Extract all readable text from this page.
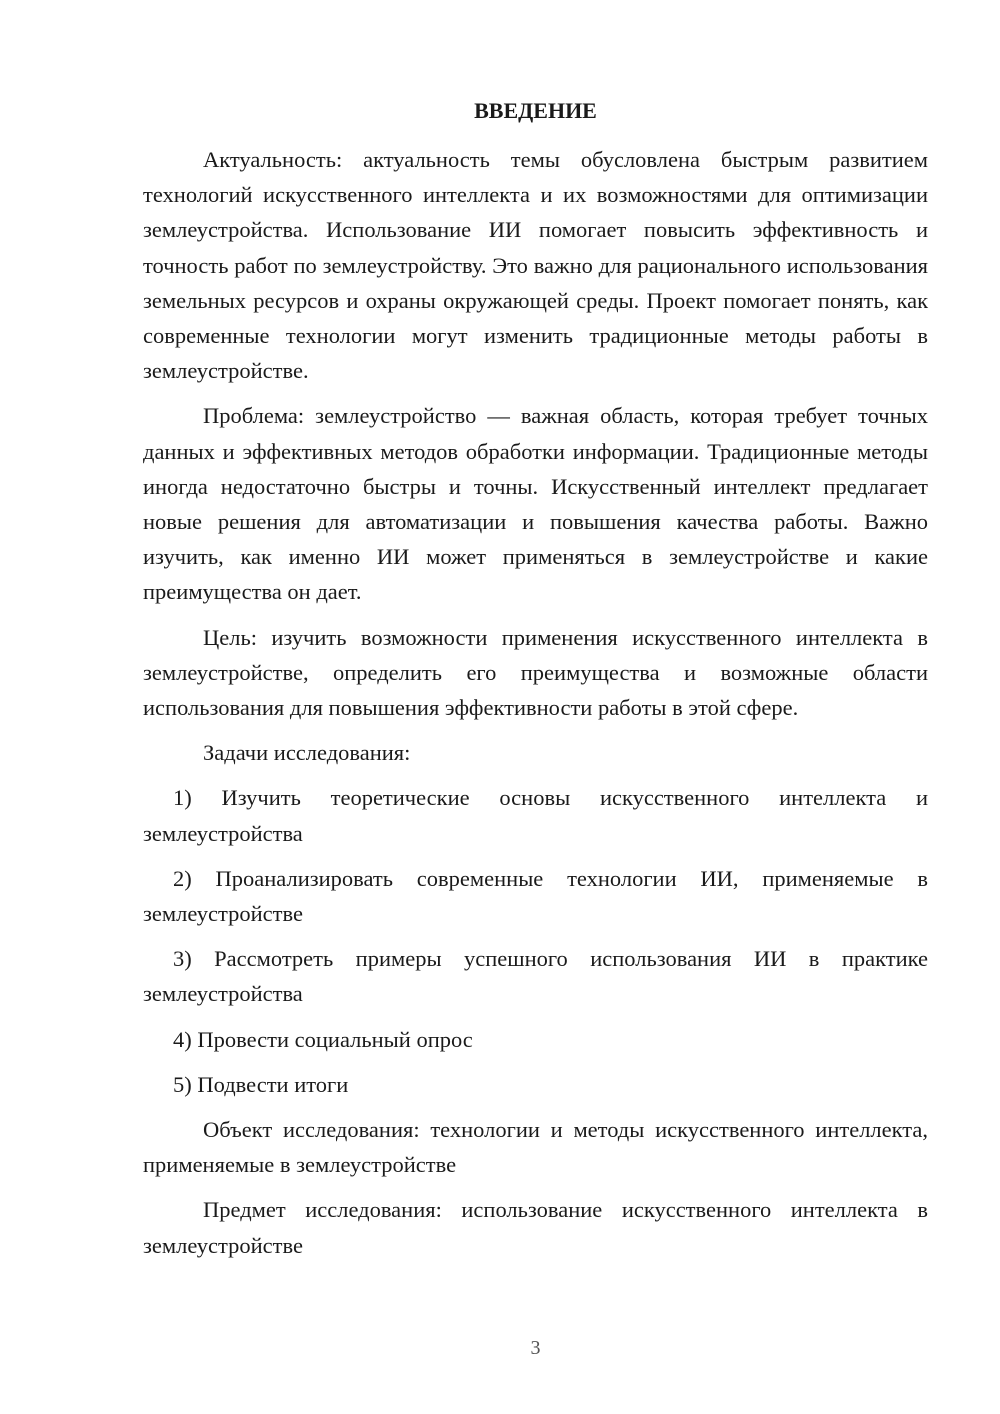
ВВЕДЕНИЕ

Актуальность: актуальность темы обусловлена быстрым развитием технологий искусственного интеллекта и их возможностями для оптимизации землеустройства. Использование ИИ помогает повысить эффективность и точность работ по землеустройству. Это важно для рационального использования земельных ресурсов и охраны окружающей среды. Проект помогает понять, как современные технологии могут изменить традиционные методы работы в землеустройстве.

Проблема: землеустройство — важная область, которая требует точных данных и эффективных методов обработки информации. Традиционные методы иногда недостаточно быстры и точны. Искусственный интеллект предлагает новые решения для автоматизации и повышения качества работы. Важно изучить, как именно ИИ может применяться в землеустройстве и какие преимущества он дает.

Цель: изучить возможности применения искусственного интеллекта в землеустройстве, определить его преимущества и возможные области использования для повышения эффективности работы в этой сфере.

Задачи исследования:

1) Изучить теоретические основы искусственного интеллекта и землеустройства

2) Проанализировать современные технологии ИИ, применяемые в землеустройстве

3) Рассмотреть примеры успешного использования ИИ в практике землеустройства

4) Провести социальный опрос

5) Подвести итоги

Объект исследования: технологии и методы искусственного интеллекта, применяемые в землеустройстве

Предмет исследования: использование искусственного интеллекта в землеустройстве

3
